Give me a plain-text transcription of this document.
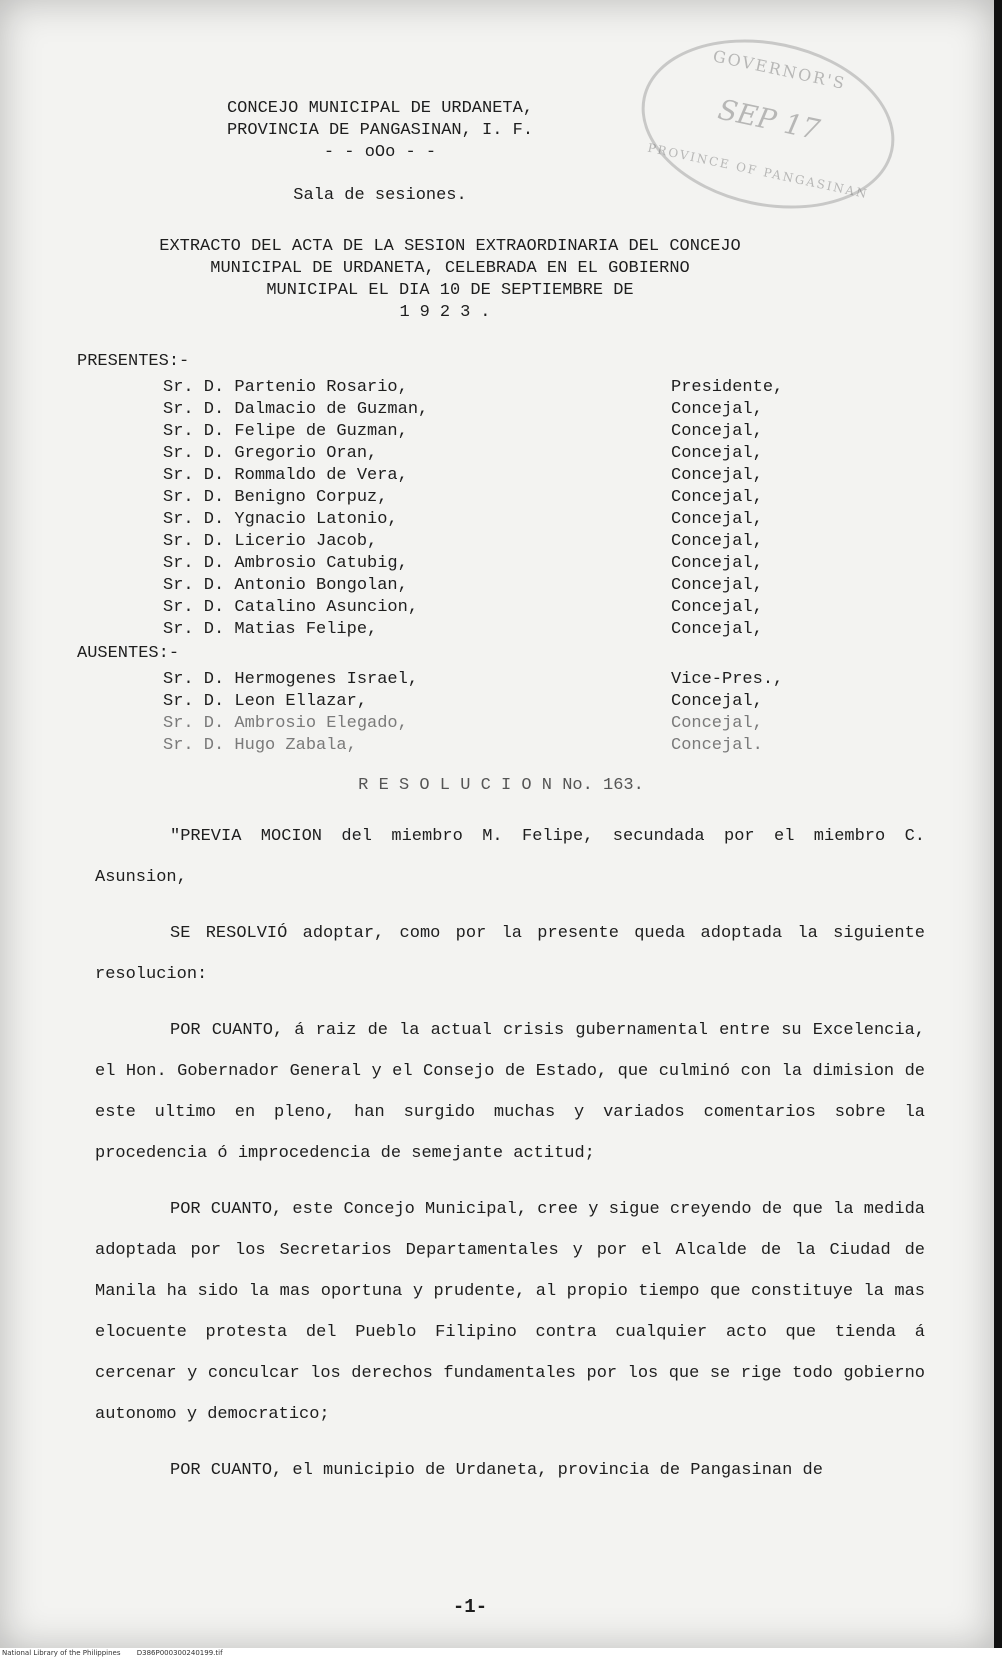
GOVERNOR'S
SEP 17
PROVINCE OF PANGASINAN
CONCEJO MUNICIPAL DE URDANETA,
PROVINCIA DE PANGASINAN, I. F.
- - oOo - -
Sala de sesiones.
EXTRACTO DEL ACTA DE LA SESION EXTRAORDINARIA DEL CONCEJO
MUNICIPAL DE URDANETA, CELEBRADA EN EL GOBIERNO
MUNICIPAL EL DIA 10 DE SEPTIEMBRE DE
1923.
PRESENTES:-
Sr. D. Partenio Rosario,	Presidente,
Sr. D. Dalmacio de Guzman,	Concejal,
Sr. D. Felipe de Guzman,	Concejal,
Sr. D. Gregorio Oran,	Concejal,
Sr. D. Rommaldo de Vera,	Concejal,
Sr. D. Benigno Corpuz,	Concejal,
Sr. D. Ygnacio Latonio,	Concejal,
Sr. D. Licerio Jacob,	Concejal,
Sr. D. Ambrosio Catubig,	Concejal,
Sr. D. Antonio Bongolan,	Concejal,
Sr. D. Catalino Asuncion,	Concejal,
Sr. D. Matias Felipe,	Concejal,
AUSENTES:-
Sr. D. Hermogenes Israel,	Vice-Pres.,
Sr. D. Leon Ellazar,	Concejal,
Sr. D. Ambrosio Elegado,	Concejal,
Sr. D. Hugo Zabala,	Concejal.
R E S O L U C I O N No. 163.

"PREVIA MOCION del miembro M. Felipe, secundada por el miembro C. Asunsion,

SE RESOLVIÓ adoptar, como por la presente queda adoptada la siguiente resolucion:

POR CUANTO, á raiz de la actual crisis gubernamental entre su Excelencia, el Hon. Gobernador General y el Consejo de Estado, que culminó con la dimision de este ultimo en pleno, han surgido muchas y variados comentarios sobre la procedencia ó improcedencia de semejante actitud;

POR CUANTO, este Concejo Municipal, cree y sigue creyendo de que la medida adoptada por los Secretarios Departamentales y por el Alcalde de la Ciudad de Manila ha sido la mas oportuna y prudente, al propio tiempo que constituye la mas elocuente protesta del Pueblo Filipino contra cualquier acto que tienda á cercenar y conculcar los derechos fundamentales por los que se rige todo gobierno autonomo y democratico;

POR CUANTO, el municipio de Urdaneta, provincia de Pangasinan de

-1-
National Library of the Philippines D386P000300240199.tif
